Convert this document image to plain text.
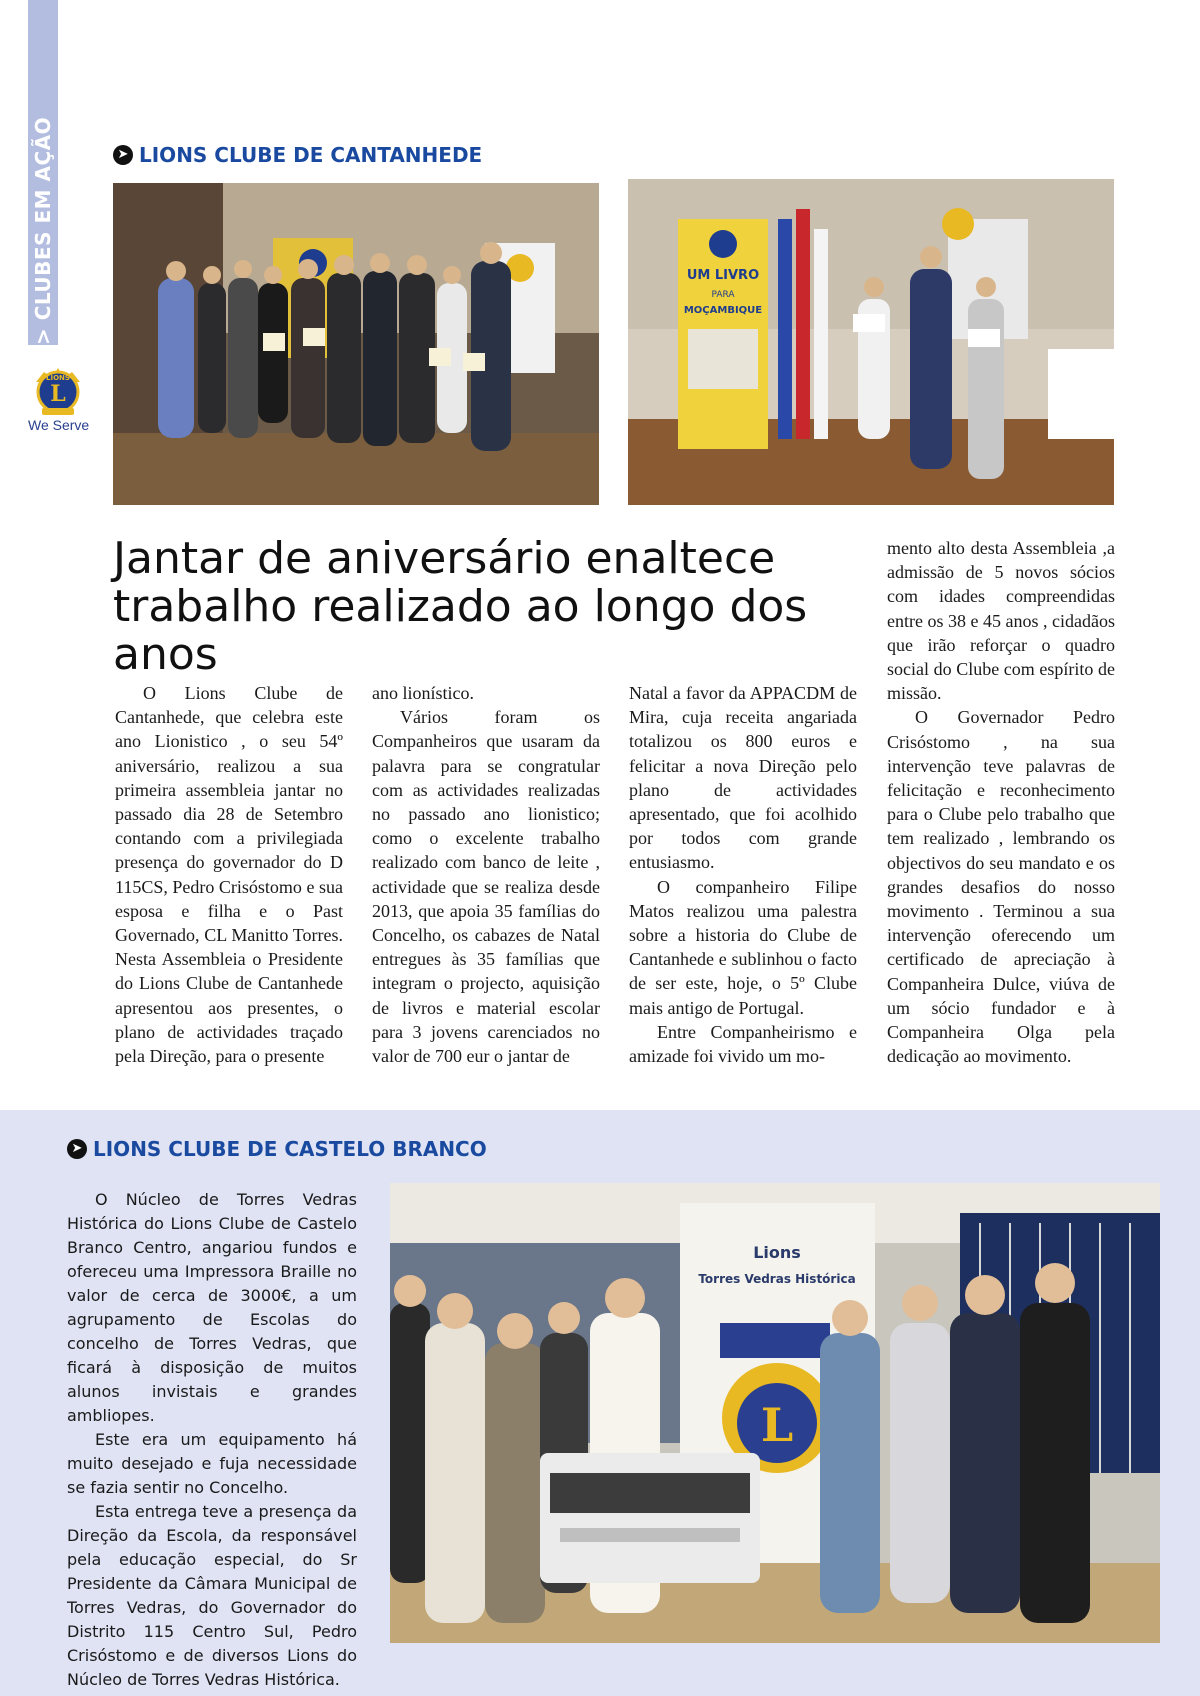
> CLUBES EM AÇÃO
LIONS
L
We Serve
➤ LIONS CLUBE DE CANTANHEDE
UM LIVRO
PARA
MOÇAMBIQUE
Jantar de aniversário enaltece
trabalho realizado ao longo dos anos

O Lions Clube de Cantanhede, que celebra este ano Lionistico , o seu 54º aniversário, realizou a sua primeira assembleia jantar no passado dia 28 de Setembro contando com a privilegiada presença do governador do D 115CS, Pedro Crisóstomo e sua esposa e filha e o Past Governado, CL Manitto Torres. Nesta Assembleia o Presidente do Lions Clube de Cantanhede apresentou aos presentes, o plano de actividades traçado pela Direção, para o presente

ano lionístico.

Vários foram os Companheiros que usaram da palavra para se congratular com as actividades realizadas no passado ano lionistico; como o excelente trabalho realizado com banco de leite , actividade que se realiza desde 2013, que apoia 35 famílias do Concelho, os cabazes de Natal entregues às 35 famílias que integram o projecto, aquisição de livros e material escolar para 3 jovens carenciados no valor de 700 eur o jantar de

Natal a favor da APPACDM de Mira, cuja receita angariada totalizou os 800 euros e felicitar a nova Direção pelo plano de actividades apresentado, que foi acolhido por todos com grande entusiasmo.

O companheiro Filipe Matos realizou uma palestra sobre a historia do Clube de Cantanhede e sublinhou o facto de ser este, hoje, o 5º Clube mais antigo de Portugal.

Entre Companheirismo e amizade foi vivido um mo-

mento alto desta Assembleia ,a admissão de 5 novos sócios com idades compreendidas entre os 38 e 45 anos , cidadãos que irão reforçar o quadro social do Clube com espírito de missão.

O Governador Pedro Crisóstomo , na sua intervenção teve palavras de felicitação e reconhecimento para o Clube pelo trabalho que tem realizado , lembrando os objectivos do seu mandato e os grandes desafios do nosso movimento . Terminou a sua intervenção oferecendo um certificado de apreciação à Companheira Dulce, viúva de um sócio fundador e à Companheira Olga pela dedicação ao movimento.

➤ LIONS CLUBE DE CASTELO BRANCO

O Núcleo de Torres Vedras Histórica do Lions Clube de Castelo Branco Centro, angariou fundos e ofereceu uma Impressora Braille no valor de cerca de 3000€, a um agrupamento de Escolas do concelho de Torres Vedras, que ficará à disposição de muitos alunos invistais e grandes ambliopes.

Este era um equipamento há muito desejado e fuja necessidade se fazia sentir no Concelho.

Esta entrega teve a presença da Direção da Escola, da responsável pela educação especial, do Sr Presidente da Câmara Municipal de Torres Vedras, do Governador do Distrito 115 Centro Sul, Pedro Crisóstomo e de diversos Lions do Núcleo de Torres Vedras Histórica.

Lions
Torres Vedras Histórica
L
